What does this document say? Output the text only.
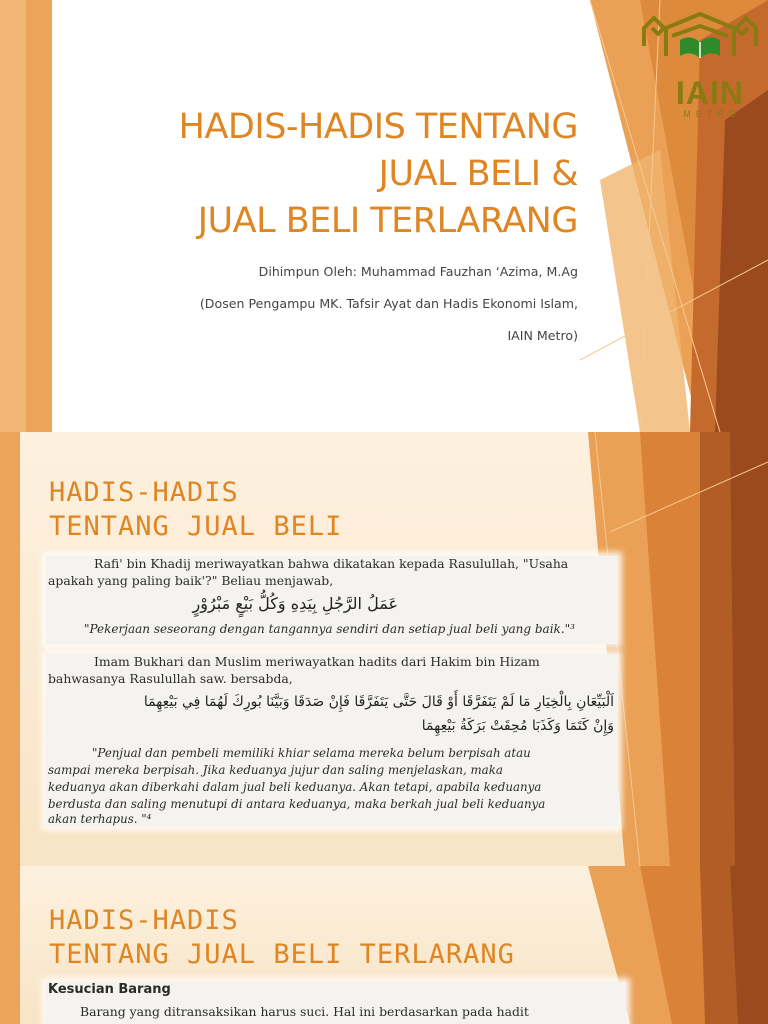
IAIN
METRO
HADIS-HADIS TENTANG
JUAL BELI &
JUAL BELI TERLARANG
Dihimpun Oleh: Muhammad Fauzhan ‘Azima, M.Ag
(Dosen Pengampu MK. Tafsir Ayat dan Hadis Ekonomi Islam,
IAIN Metro)
HADIS-HADIS
TENTANG JUAL BELI
Rafi' bin Khadij meriwayatkan bahwa dikatakan kepada Rasulullah, "Usaha
apakah yang paling baik'?" Beliau menjawab,
عَمَلُ الرَّجُلِ بِيَدِهِ وَكُلُّ بَيْعٍ مَبْرُوْرٍ
"Pekerjaan seseorang dengan tangannya sendiri dan setiap jual beli yang baik."³
Imam Bukhari dan Muslim meriwayatkan hadits dari Hakim bin Hizam
bahwasanya Rasulullah saw. bersabda,
اَلْبَيِّعَانِ بِالْخِيَارِ مَا لَمْ يَتَفَرَّقَا أَوْ قَالَ حَتَّى يَتَفَرَّقَا فَإِنْ صَدَقَا وَبَيَّنَا بُورِكَ لَهُمَا فِي بَيْعِهِمَا
وَإِنْ كَتَمَا وَكَذَبَا مُحِقَتْ بَرَكَةُ بَيْعِهِمَا
"Penjual dan pembeli memiliki khiar selama mereka belum berpisah atau
sampai mereka berpisah. Jika keduanya jujur dan saling menjelaskan, maka
keduanya akan diberkahi dalam jual beli keduanya. Akan tetapi, apabila keduanya
berdusta dan saling menutupi di antara keduanya, maka berkah jual beli keduanya
akan terhapus. "⁴
HADIS-HADIS
TENTANG JUAL BELI TERLARANG
Kesucian Barang
Barang yang ditransaksikan harus suci. Hal ini berdasarkan pada hadit
